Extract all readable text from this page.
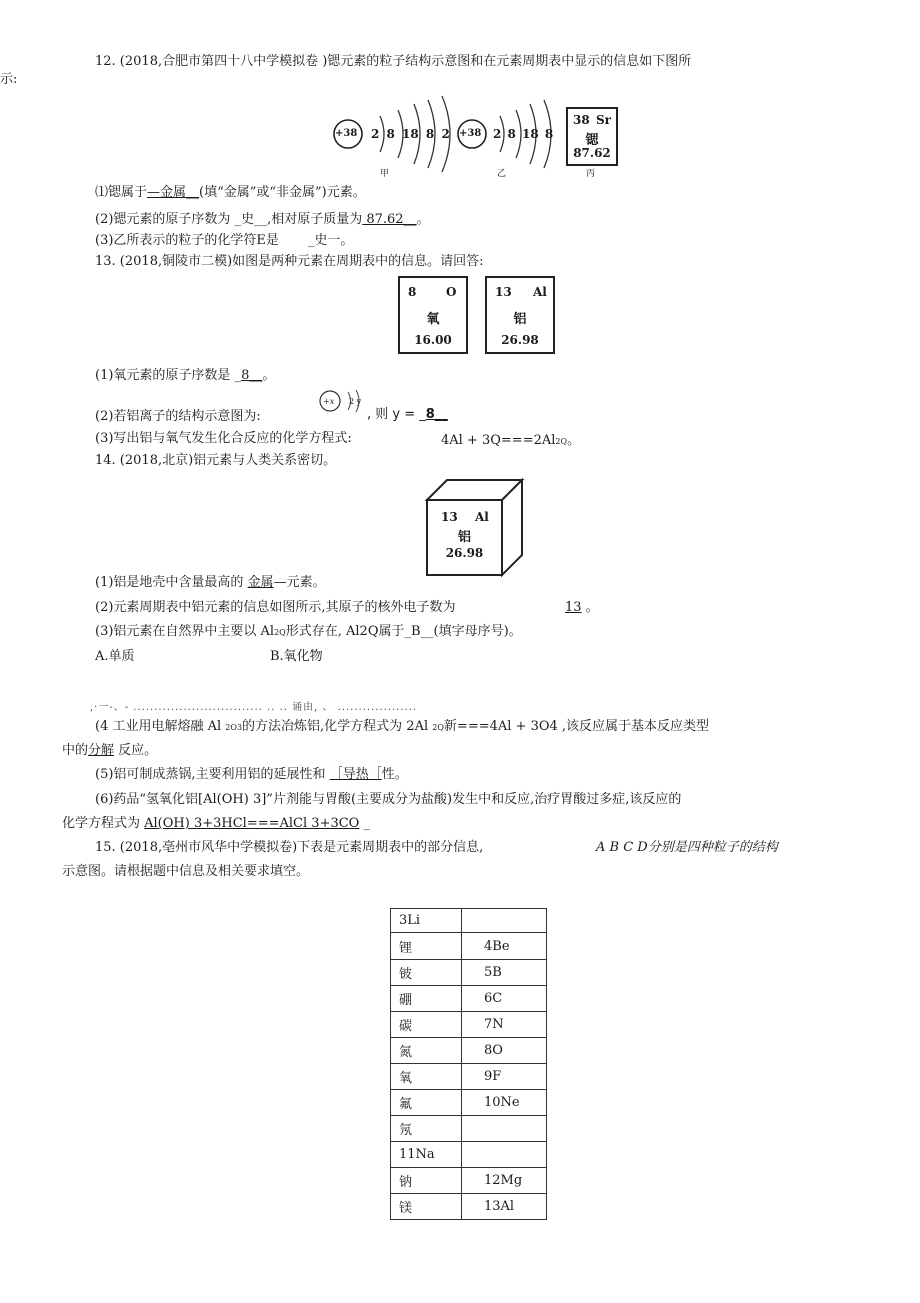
12. (2018,合肥市第四十八中学模拟卷 )锶元素的粒子结构示意图和在元素周期表中显示的信息如下图所
示:
+38 2 8 18 8 2
甲
+38 2 8 18 8
乙
38 Sr
锶
87.62
丙
⑴锶属于—金属__(填“金属”或“非金属”)元素。
(2)锶元素的原子序数为 _史__,相对原子质量为 87.62__。
(3)乙所表示的粒子的化学符E是 _史一。
13. (2018,铜陵市二模)如图是两种元素在周期表中的信息。请回答:
8 O
氧
16.00
13 Al
铝
26.98
(1)氧元素的原子序数是 _8__。
+x 2 y
(2)若铝离子的结构示意图为:	, 则 y = _8__
(3)写出铝与氧气发生化合反应的化学方程式:	4Al + 3Q===2Al2Q。
14. (2018,北京)铝元素与人类关系密切。
13 Al
铝
26.98
(1)铝是地壳中含量最高的 金属—元素。
(2)元素周期表中铝元素的信息如图所示,其原子的核外电子数为	13 。
(3)铝元素在自然界中主要以 Al2Q形式存在, Al2Q属于_B__(填字母序号)。
A.单质	B.氧化物
,·一-、- ............................... .. .. 诵由, 、 ...................
(4 工业用电解熔融 Al 2O3的方法冶炼铝,化学方程式为 2Al 2Q新===4Al + 3O4 ,该反应属于基本反应类型
中的分解 反应。
(5)铝可制成蒸锅,主要利用铝的延展性和 ［导热［性。
(6)药品“氢氧化铝[Al(OH) 3]”片剂能与胃酸(主要成分为盐酸)发生中和反应,治疗胃酸过多症,该反应的
化学方程式为 Al(OH) 3+3HCl===AlCl 3+3CO _
15. (2018,亳州市风华中学模拟卷)下表是元素周期表中的部分信息,	A B C D分别是四种粒子的结构
示意图。请根据题中信息及相关要求填空。
3Li	
锂	4Be
铍	5B
硼	6C
碳	7N
氮	8O
氧	9F
氟	10Ne
氖	
11Na	
钠	12Mg
镁	13Al
